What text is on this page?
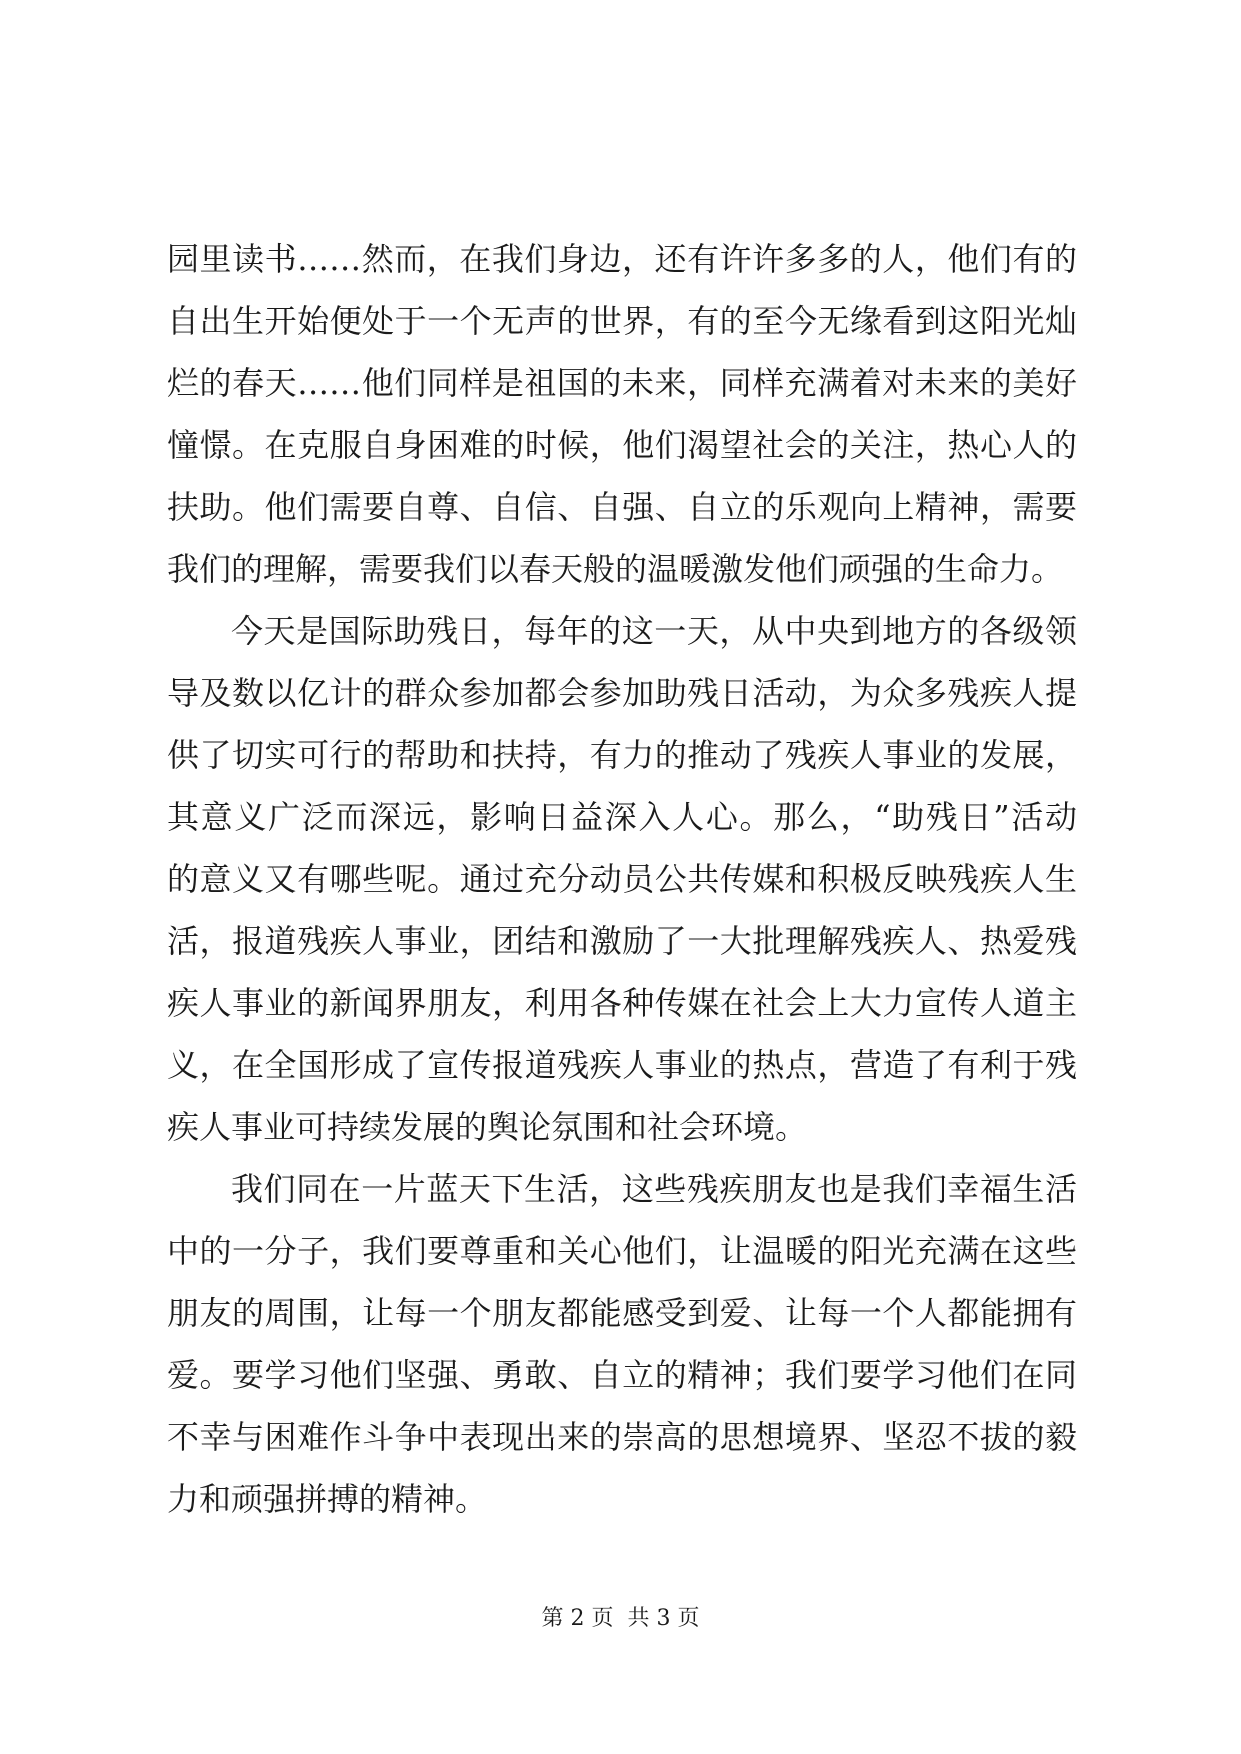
园里读书……然而，在我们身边，还有许许多多的人，他们有的
自出生开始便处于一个无声的世界，有的至今无缘看到这阳光灿
烂的春天……他们同样是祖国的未来，同样充满着对未来的美好
憧憬。在克服自身困难的时候，他们渴望社会的关注，热心人的
扶助。他们需要自尊、自信、自强、自立的乐观向上精神，需要
我们的理解，需要我们以春天般的温暖激发他们顽强的生命力。
今天是国际助残日，每年的这一天，从中央到地方的各级领
导及数以亿计的群众参加都会参加助残日活动，为众多残疾人提
供了切实可行的帮助和扶持，有力的推动了残疾人事业的发展，
其意义广泛而深远，影响日益深入人心。那么，“助残日”活动
的意义又有哪些呢。通过充分动员公共传媒和积极反映残疾人生
活，报道残疾人事业，团结和激励了一大批理解残疾人、热爱残
疾人事业的新闻界朋友，利用各种传媒在社会上大力宣传人道主
义，在全国形成了宣传报道残疾人事业的热点，营造了有利于残
疾人事业可持续发展的舆论氛围和社会环境。
我们同在一片蓝天下生活，这些残疾朋友也是我们幸福生活
中的一分子，我们要尊重和关心他们，让温暖的阳光充满在这些
朋友的周围，让每一个朋友都能感受到爱、让每一个人都能拥有
爱。要学习他们坚强、勇敢、自立的精神；我们要学习他们在同
不幸与困难作斗争中表现出来的崇高的思想境界、坚忍不拔的毅
力和顽强拼搏的精神。
第 2 页  共 3 页
